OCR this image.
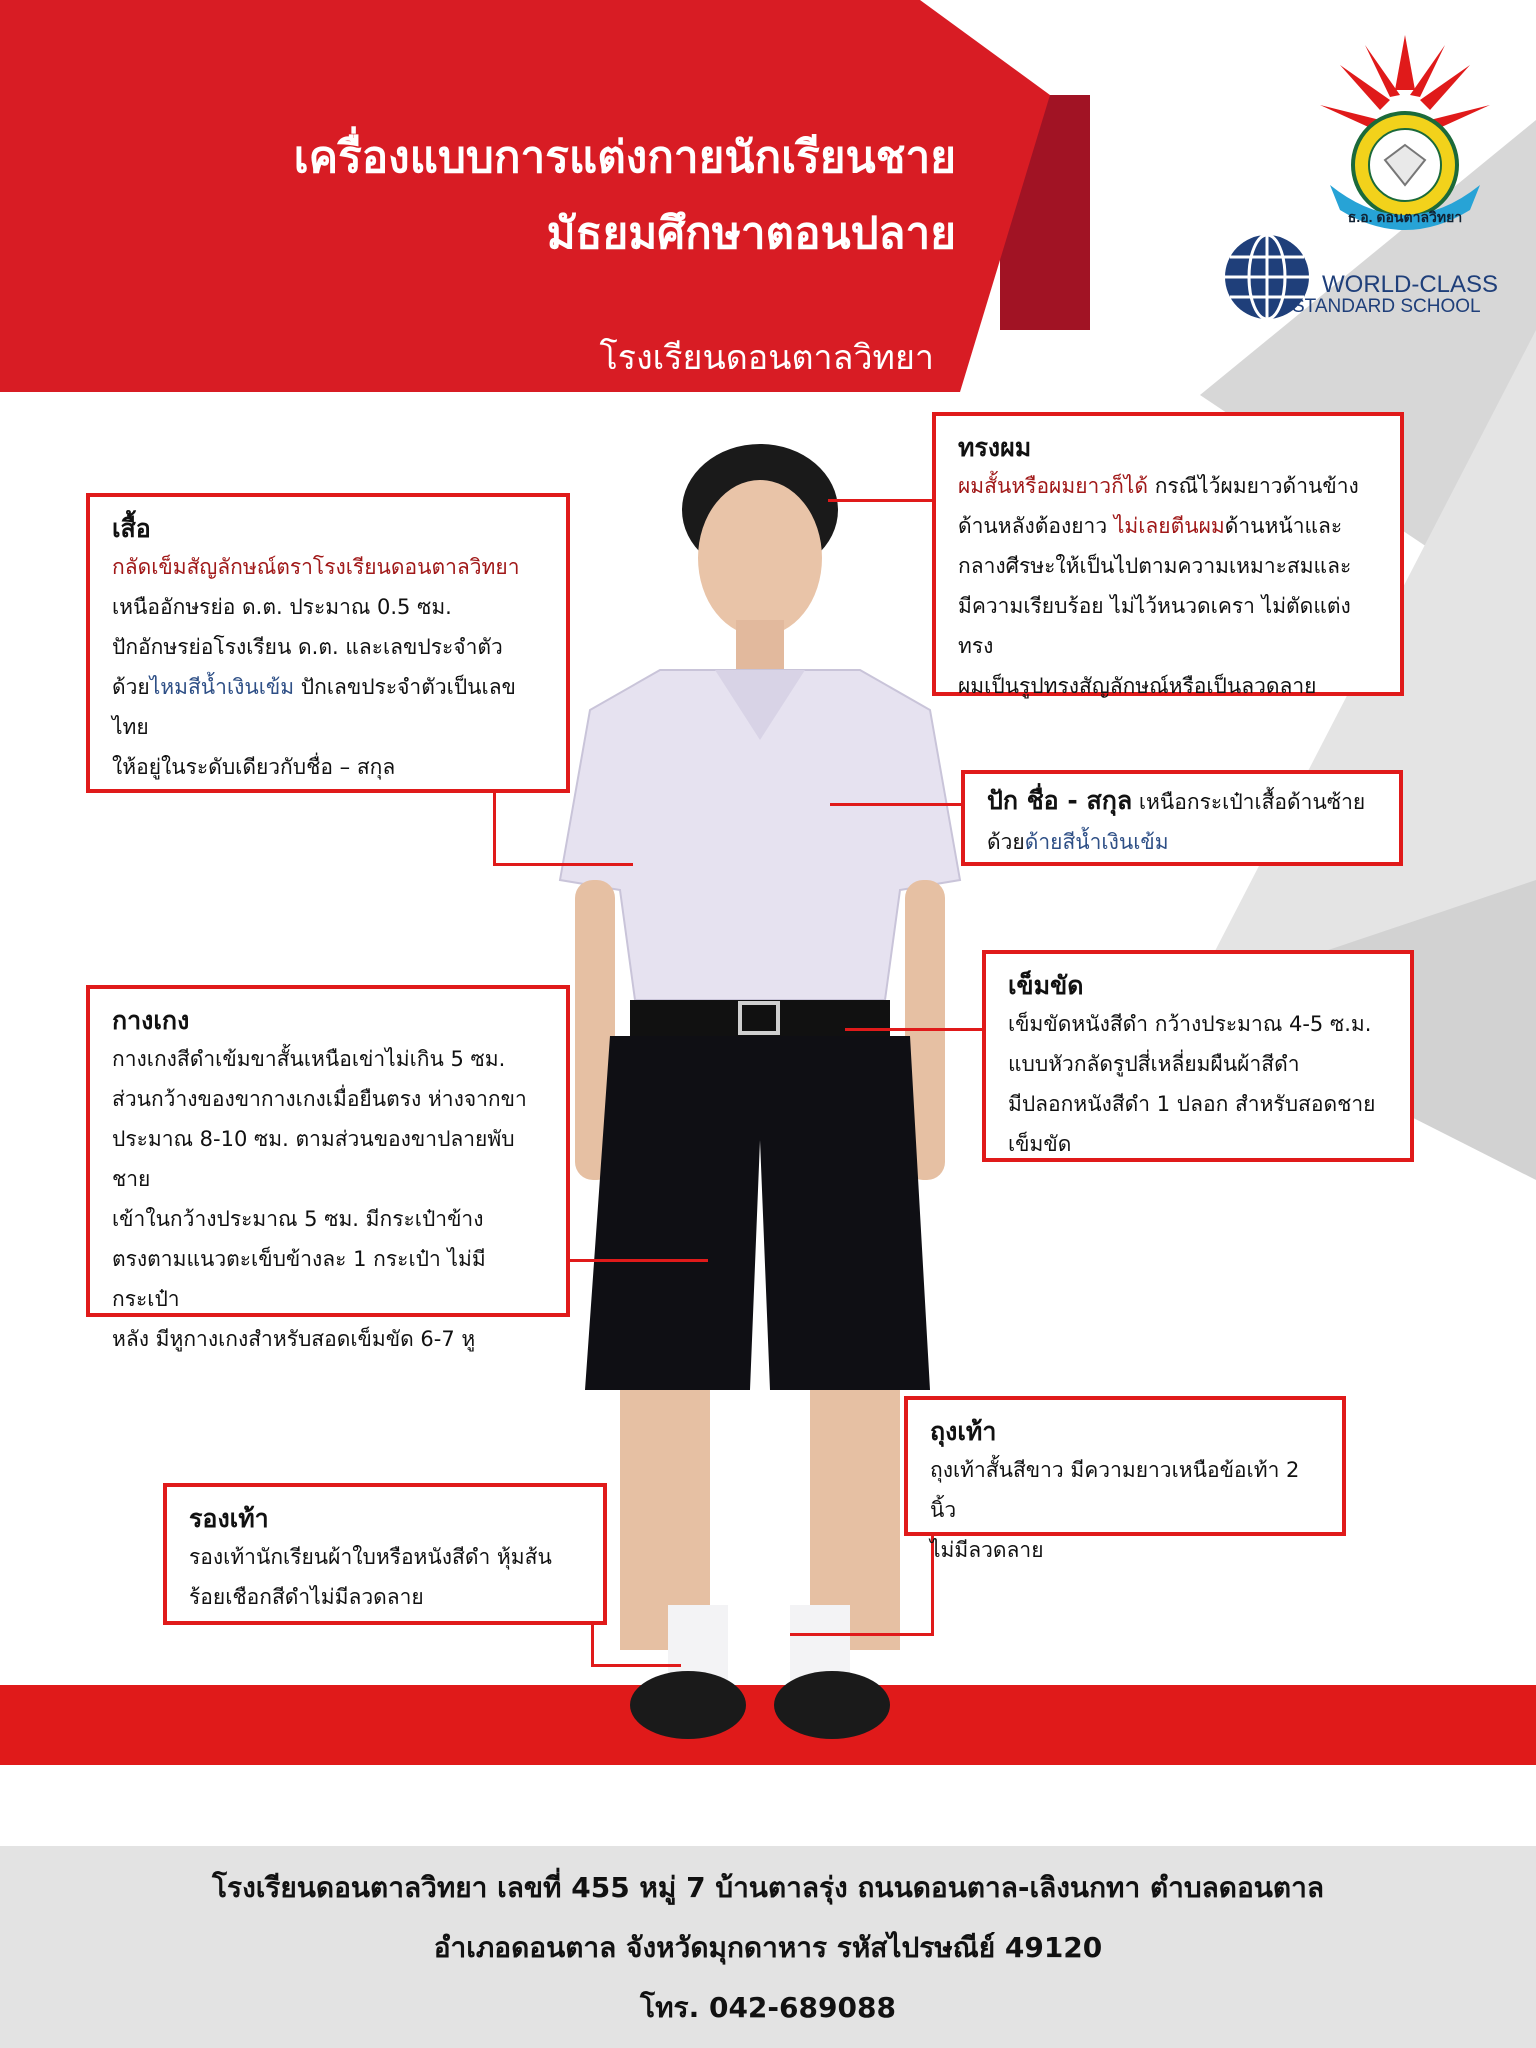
เครื่องแบบการแต่งกายนักเรียนชาย
มัธยมศึกษาตอนปลาย
โรงเรียนดอนตาลวิทยา
ธ.อ. ดอนตาลวิทยา
WORLD-CLASS
STANDARD SCHOOL
เสื้อ
กลัดเข็มสัญลักษณ์ตราโรงเรียนดอนตาลวิทยา
เหนืออักษรย่อ ด.ต. ประมาณ 0.5 ซม.
ปักอักษรย่อโรงเรียน ด.ต. และเลขประจำตัว
ด้วยไหมสีน้ำเงินเข้ม ปักเลขประจำตัวเป็นเลขไทย
ให้อยู่ในระดับเดียวกับชื่อ – สกุล
ทรงผม
ผมสั้นหรือผมยาวก็ได้ กรณีไว้ผมยาวด้านข้าง
ด้านหลังต้องยาว ไม่เลยตีนผมด้านหน้าและ
กลางศีรษะให้เป็นไปตามความเหมาะสมและ
มีความเรียบร้อย ไม่ไว้หนวดเครา ไม่ตัดแต่งทรง
ผมเป็นรูปทรงสัญลักษณ์หรือเป็นลวดลาย
ปัก ชื่อ - สกุล เหนือกระเป๋าเสื้อด้านซ้าย
ด้วยด้ายสีน้ำเงินเข้ม
เข็มขัด
เข็มขัดหนังสีดำ กว้างประมาณ 4-5 ซ.ม.
แบบหัวกลัดรูปสี่เหลี่ยมผืนผ้าสีดำ
มีปลอกหนังสีดำ 1 ปลอก สำหรับสอดชายเข็มขัด
กางเกง
กางเกงสีดำเข้มขาสั้นเหนือเข่าไม่เกิน 5 ซม.
ส่วนกว้างของขากางเกงเมื่อยืนตรง ห่างจากขา
ประมาณ 8-10 ซม. ตามส่วนของขาปลายพับชาย
เข้าในกว้างประมาณ 5 ซม. มีกระเป๋าข้าง
ตรงตามแนวตะเข็บข้างละ 1 กระเป๋า ไม่มีกระเป๋า
หลัง มีหูกางเกงสำหรับสอดเข็มขัด 6-7 หู
ถุงเท้า
ถุงเท้าสั้นสีขาว มีความยาวเหนือข้อเท้า 2 นิ้ว
ไม่มีลวดลาย
รองเท้า
รองเท้านักเรียนผ้าใบหรือหนังสีดำ หุ้มส้น
ร้อยเชือกสีดำไม่มีลวดลาย
โรงเรียนดอนตาลวิทยา เลขที่ 455 หมู่ 7 บ้านตาลรุ่ง ถนนดอนตาล-เลิงนกทา ตำบลดอนตาล
อำเภอดอนตาล จังหวัดมุกดาหาร รหัสไปรษณีย์ 49120
โทร. 042-689088
